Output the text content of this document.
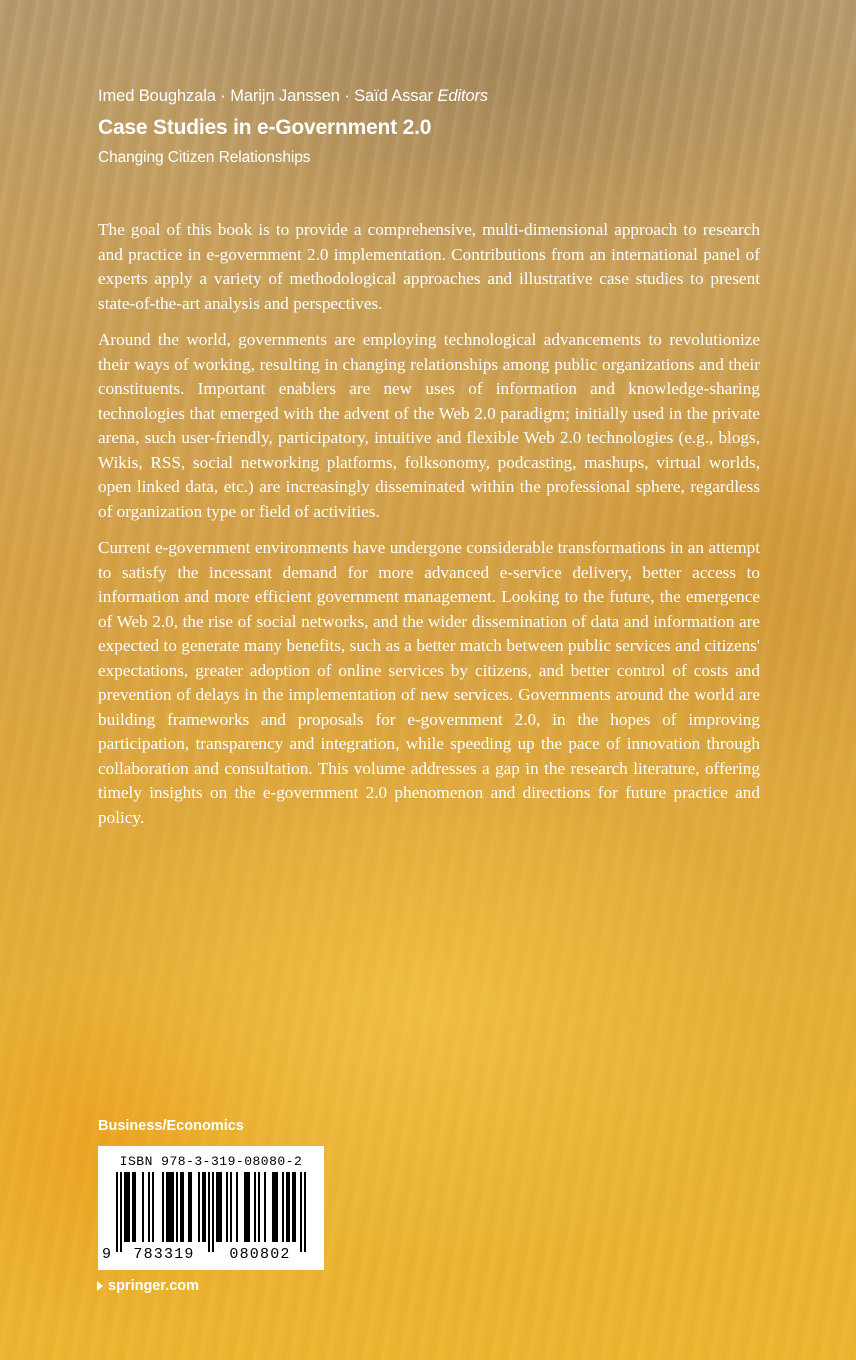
Imed Boughzala · Marijn Janssen · Saïd Assar Editors
Case Studies in e-Government 2.0
Changing Citizen Relationships

The goal of this book is to provide a comprehensive, multi-dimensional approach to research and practice in e-government 2.0 implementation. Contributions from an international panel of experts apply a variety of methodological approaches and illustrative case studies to present state-of-the-art analysis and perspectives.

Around the world, governments are employing technological advancements to revolutionize their ways of working, resulting in changing relationships among public organizations and their constituents. Important enablers are new uses of information and knowledge-sharing technologies that emerged with the advent of the Web 2.0 paradigm; initially used in the private arena, such user-friendly, participatory, intuitive and flexible Web 2.0 technologies (e.g., blogs, Wikis, RSS, social networking platforms, folksonomy, podcasting, mashups, virtual worlds, open linked data, etc.) are increasingly disseminated within the professional sphere, regardless of organization type or field of activities.

Current e-government environments have undergone considerable transformations in an attempt to satisfy the incessant demand for more advanced e-service delivery, better access to information and more efficient government management. Looking to the future, the emergence of Web 2.0, the rise of social networks, and the wider dissemination of data and information are expected to generate many benefits, such as a better match between public services and citizens' expectations, greater adoption of online services by citizens, and better control of costs and prevention of delays in the implementation of new services. Governments around the world are building frameworks and proposals for e-government 2.0, in the hopes of improving participation, transparency and integration, while speeding up the pace of innovation through collaboration and consultation. This volume addresses a gap in the research literature, offering timely insights on the e-government 2.0 phenomenon and directions for future practice and policy.

Business/Economics
ISBN 978-3-319-08080-2
9	783319	080802
springer.com
